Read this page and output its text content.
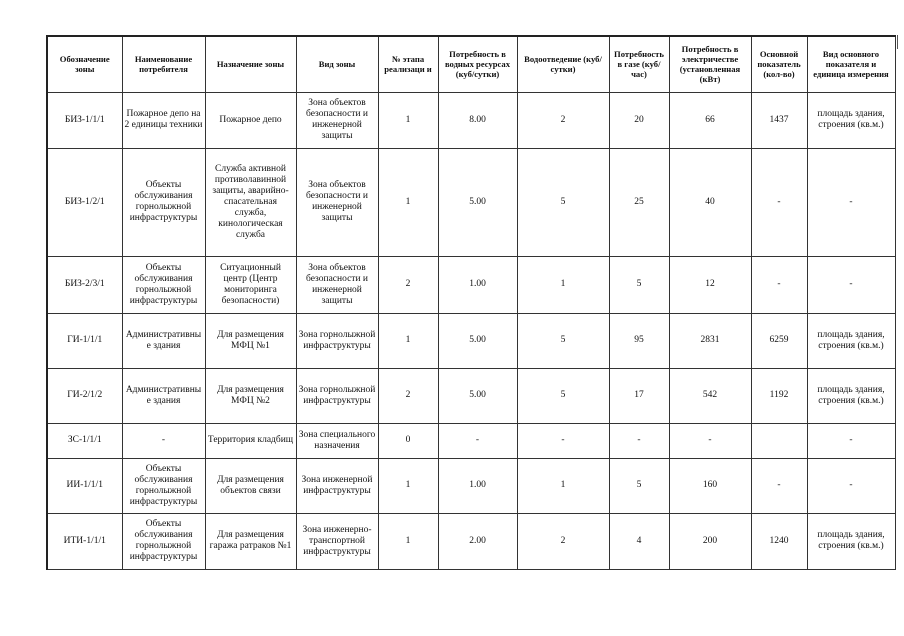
Обозначение зоны	Наименование потребителя	Назначение зоны	Вид зоны	№ этапа реализаци и	Потребность в водных ресурсах (куб/сутки)	Водоотведение (куб/сутки)	Потребность в газе (куб/час)	Потребность в электричестве (установленная (кВт)	Основной показатель (кол-во)	Вид основного показателя и единица измерения
БИЗ-1/1/1	Пожарное депо на 2 единицы техники	Пожарное депо	Зона объектов безопасности и инженерной защиты	1	8.00	2	20	66	1437	площадь здания, строения (кв.м.)
БИЗ-1/2/1	Объекты обслуживания горнолыжной инфраструктуры	Служба активной противолавинной защиты, аварийно-спасательная служба, кинологическая служба	Зона объектов безопасности и инженерной защиты	1	5.00	5	25	40	-	-
БИЗ-2/3/1	Объекты обслуживания горнолыжной инфраструктуры	Ситуационный центр (Центр мониторинга безопасности)	Зона объектов безопасности и инженерной защиты	2	1.00	1	5	12	-	-
ГИ-1/1/1	Административные здания	Для размещения МФЦ №1	Зона горнолыжной инфраструктуры	1	5.00	5	95	2831	6259	площадь здания, строения (кв.м.)
ГИ-2/1/2	Административные здания	Для размещения МФЦ №2	Зона горнолыжной инфраструктуры	2	5.00	5	17	542	1192	площадь здания, строения (кв.м.)
ЗС-1/1/1	-	Территория кладбищ	Зона специального назначения	0	-	-	-	-		-
ИИ-1/1/1	Объекты обслуживания горнолыжной инфраструктуры	Для размещения объектов связи	Зона инженерной инфраструктуры	1	1.00	1	5	160	-	-
ИТИ-1/1/1	Объекты обслуживания горнолыжной инфраструктуры	Для размещения гаража ратраков №1	Зона инженерно-транспортной инфраструктуры	1	2.00	2	4	200	1240	площадь здания, строения (кв.м.)
